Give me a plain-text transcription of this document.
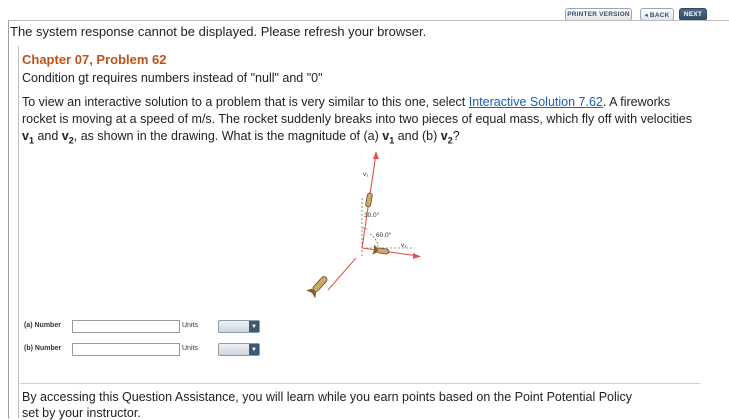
PRINTER VERSION	◂ BACK	NEXT
The system response cannot be displayed. Please refresh your browser.
Chapter 07, Problem 62
Condition gt requires numbers instead of "null" and "0"
To view an interactive solution to a problem that is very similar to this one, select Interactive Solution 7.62. A fireworks rocket is moving at a speed of m/s. The rocket suddenly breaks into two pieces of equal mass, which fly off with velocities $v_1$ and $v_2$, as shown in the drawing. What is the magnitude of (a) $v_1$ and (b) $v_2$?
30.0°
60.0°
v₁
v₂
(a) Number	Units	▼
(b) Number	Units	▼
By accessing this Question Assistance, you will learn while you earn points based on the Point Potential Policy
set by your instructor.
